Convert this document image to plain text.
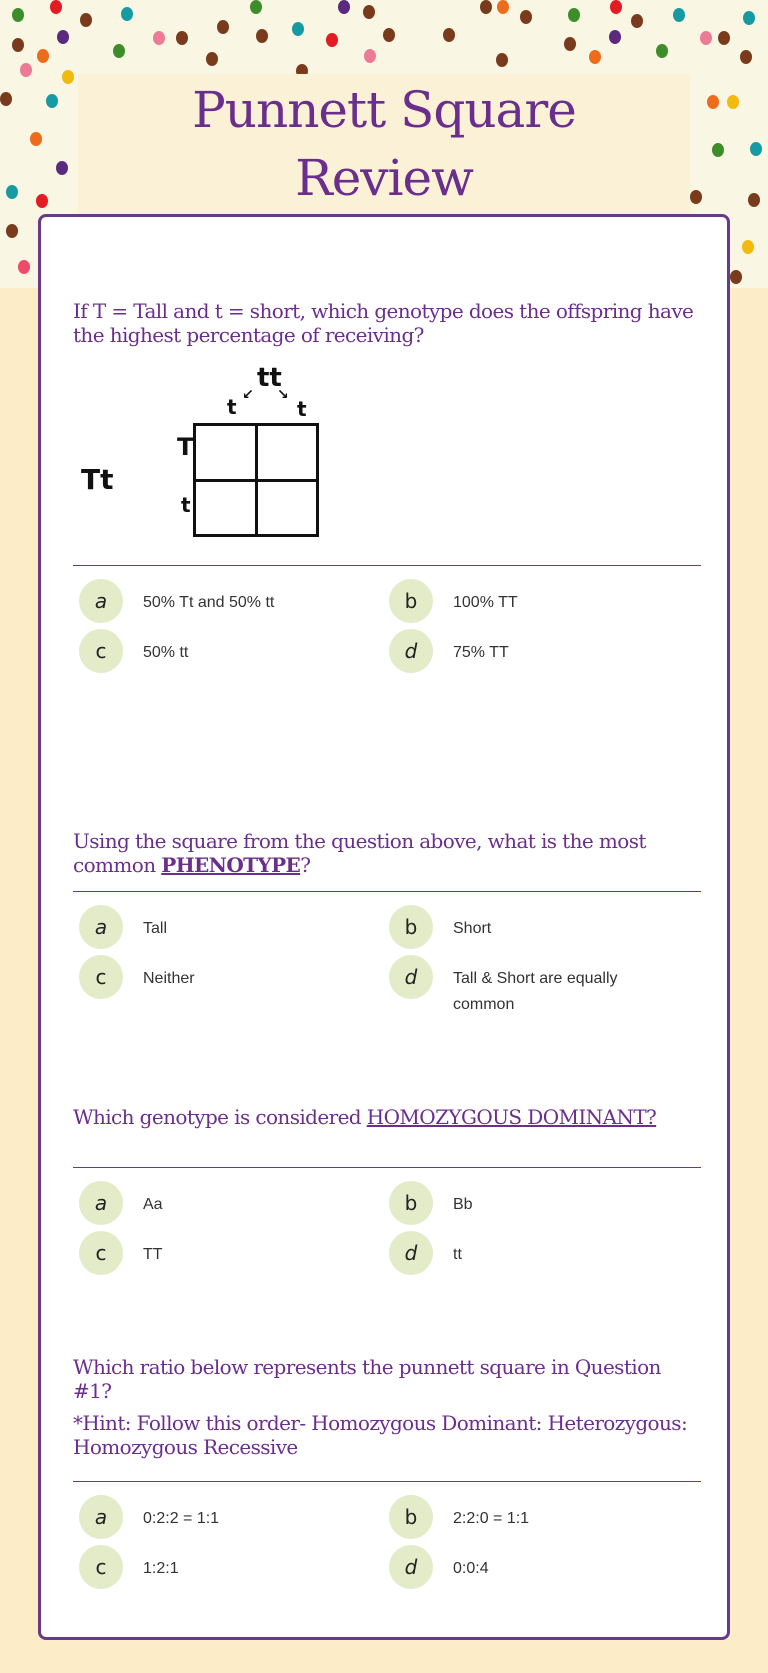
Punnett Square
Review
If T = Tall and t = short, which genotype does the offspring have the highest percentage of receiving?
tt
t ↙ ↘
t
T
Tt
t
a	50% Tt and 50% tt	b	100% TT
c	50% tt	d	75% TT
Using the square from the question above, what is the most common PHENOTYPE?
a	Tall	b	Short
c	Neither	d	Tall & Short are equally common
Which genotype is considered HOMOZYGOUS DOMINANT?
a	Aa	b	Bb
c	TT	d	tt
Which ratio below represents the punnett square in Question #1?
*Hint: Follow this order- Homozygous Dominant: Heterozygous: Homozygous Recessive
a	0:2:2 = 1:1	b	2:2:0 = 1:1
c	1:2:1	d	0:0:4
